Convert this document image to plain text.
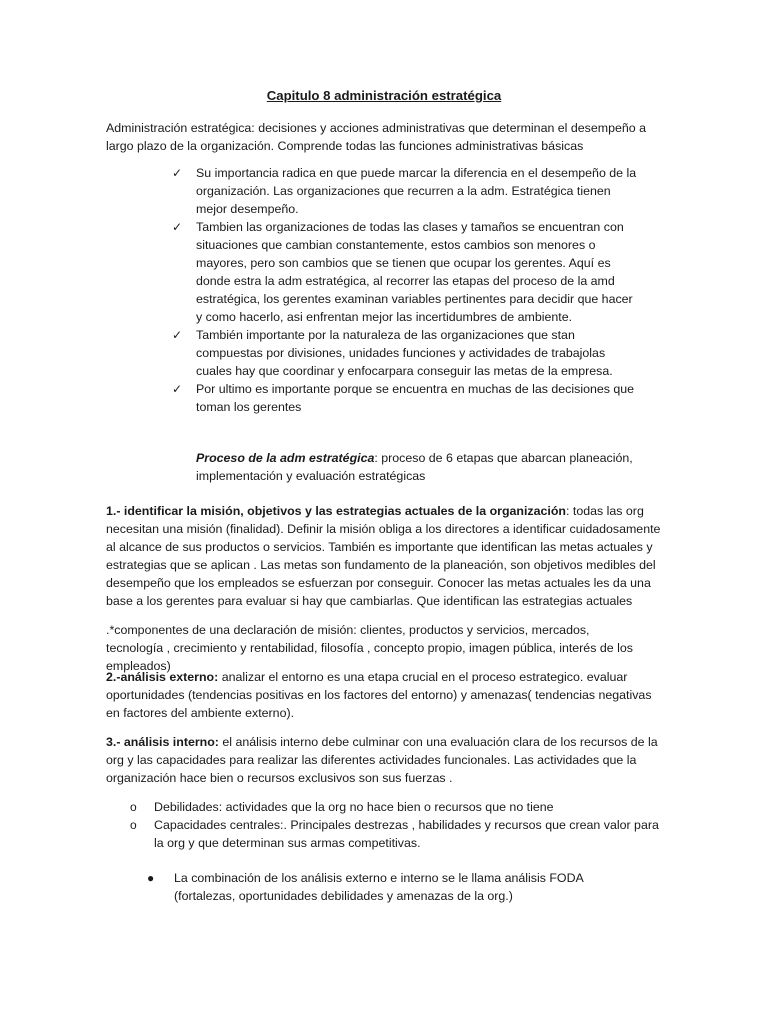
Capitulo 8 administración estratégica
Administración estratégica: decisiones y acciones administrativas que determinan el desempeño a largo plazo de la organización. Comprende todas las funciones administrativas básicas
✓ Su importancia radica en que puede marcar la diferencia en el desempeño de la organización. Las organizaciones que recurren a la adm. Estratégica tienen mejor desempeño.
✓ Tambien las organizaciones de todas las clases y tamaños se encuentran con situaciones que cambian constantemente, estos cambios son menores o mayores, pero son cambios que se tienen que ocupar los gerentes. Aquí es donde estra la adm estratégica, al recorrer las etapas del proceso de la amd estratégica, los gerentes examinan variables pertinentes para decidir que hacer y como hacerlo, asi enfrentan mejor las incertidumbres de ambiente.
✓ También importante por la naturaleza de las organizaciones que stan compuestas por divisiones, unidades funciones y actividades de trabajolas cuales hay que coordinar y enfocarpara conseguir las metas de la empresa.
✓ Por ultimo es importante porque se encuentra en muchas de las decisiones que toman los gerentes
Proceso de la adm estratégica: proceso de 6 etapas que abarcan planeación, implementación y evaluación estratégicas
1.- identificar la misión, objetivos y las estrategias actuales de la organización: todas las org necesitan una misión (finalidad). Definir la misión obliga a los directores a identificar cuidadosamente al alcance de sus productos o servicios. También es importante que identifican las metas actuales y estrategias que se aplican . Las metas son fundamento de la planeación, son objetivos medibles del desempeño que los empleados se esfuerzan por conseguir. Conocer las metas actuales les da una base a los gerentes para evaluar si hay que cambiarlas. Que identifican las estrategias actuales
.*componentes de una declaración de misión: clientes, productos y servicios, mercados, tecnología , crecimiento y rentabilidad, filosofía , concepto propio, imagen pública, interés de los empleados)
2.-análisis externo: analizar el entorno es una etapa crucial en el proceso estrategico. evaluar oportunidades (tendencias positivas en los factores del entorno) y amenazas( tendencias negativas en factores del ambiente externo).
3.- análisis interno: el análisis interno debe culminar con una evaluación clara de los recursos de la org y las capacidades para realizar las diferentes actividades funcionales. Las actividades que la organización hace bien o recursos exclusivos son sus fuerzas .
o Debilidades: actividades que la org no hace bien o recursos que no tiene
o Capacidades centrales:. Principales destrezas , habilidades y recursos que crean valor para la org y que determinan sus armas competitivas.
● La combinación de los análisis externo e interno se le llama análisis FODA (fortalezas, oportunidades debilidades y amenazas de la org.)
